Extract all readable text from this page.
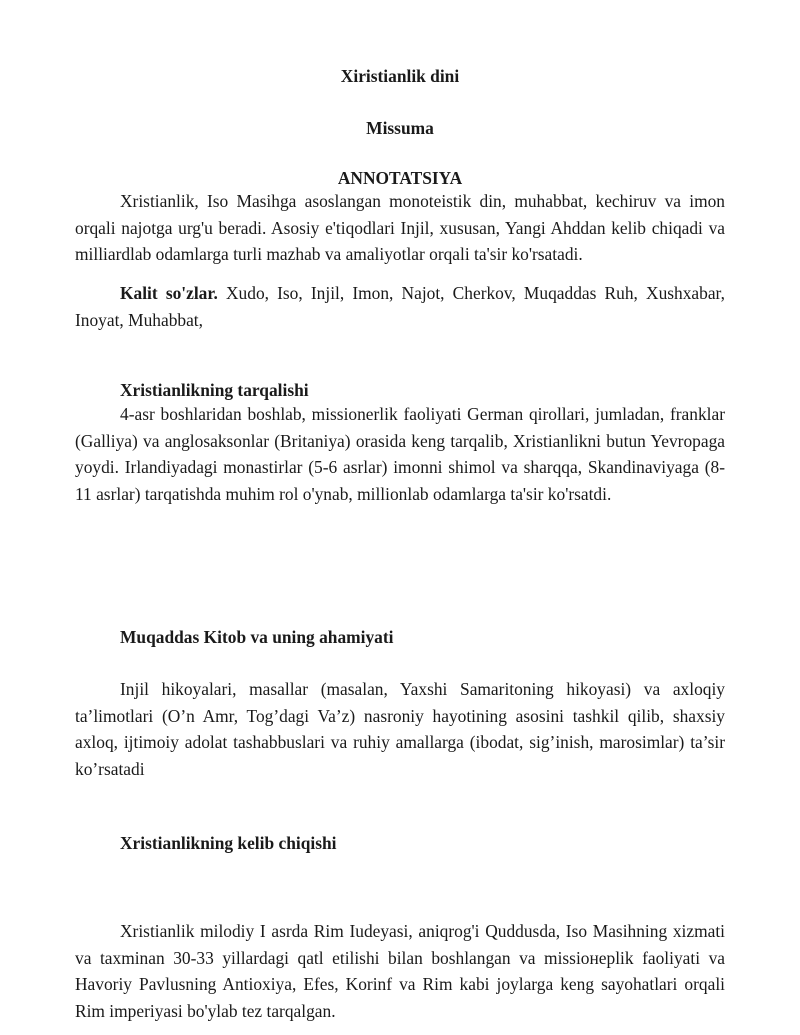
Xiristianlik dini
Missuma
ANNOTATSIYA
Xristianlik, Iso Masihga asoslangan monoteistik din, muhabbat, kechiruv va imon orqali najotga urg'u beradi. Asosiy e'tiqodlari Injil, xususan, Yangi Ahddan kelib chiqadi va milliardlab odamlarga turli mazhab va amaliyotlar orqali ta'sir ko'rsatadi.
Kalit so'zlar. Xudo, Iso, Injil, Imon, Najot, Cherkov, Muqaddas Ruh, Xushxabar, Inoyat, Muhabbat,
Xristianlikning tarqalishi
4-asr boshlaridan boshlab, missionerlik faoliyati German qirollari, jumladan, franklar (Galliya) va anglosaksonlar (Britaniya) orasida keng tarqalib, Xristianlikni butun Yevropaga yoydi. Irlandiyadagi monastirlar (5-6 asrlar) imonni shimol va sharqqa, Skandinaviyaga (8-11 asrlar) tarqatishda muhim rol o'ynab, millionlab odamlarga ta'sir ko'rsatdi.
Muqaddas Kitob va uning ahamiyati
Injil hikoyalari, masallar (masalan, Yaxshi Samaritoning hikoyasi) va axloqiy ta’limotlari (O’n Amr, Tog’dagi Va’z) nasroniy hayotining asosini tashkil qilib, shaxsiy axloq, ijtimoiy adolat tashabbuslari va ruhiy amallarga (ibodat, sig’inish, marosimlar) ta’sir ko’rsatadi
Xristianlikning kelib chiqishi
Xristianlik milodiy I asrda Rim Iudeyasi, aniqrog'i Quddusda, Iso Masihning xizmati va taxminan 30-33 yillardagi qatl etilishi bilan boshlangan va missioнeplik faoliyati va Havoriy Pavlusning Antioxiya, Efes, Korinf va Rim kabi joylarga keng sayohatlari orqali Rim imperiyasi bo'ylab tez tarqalgan.
